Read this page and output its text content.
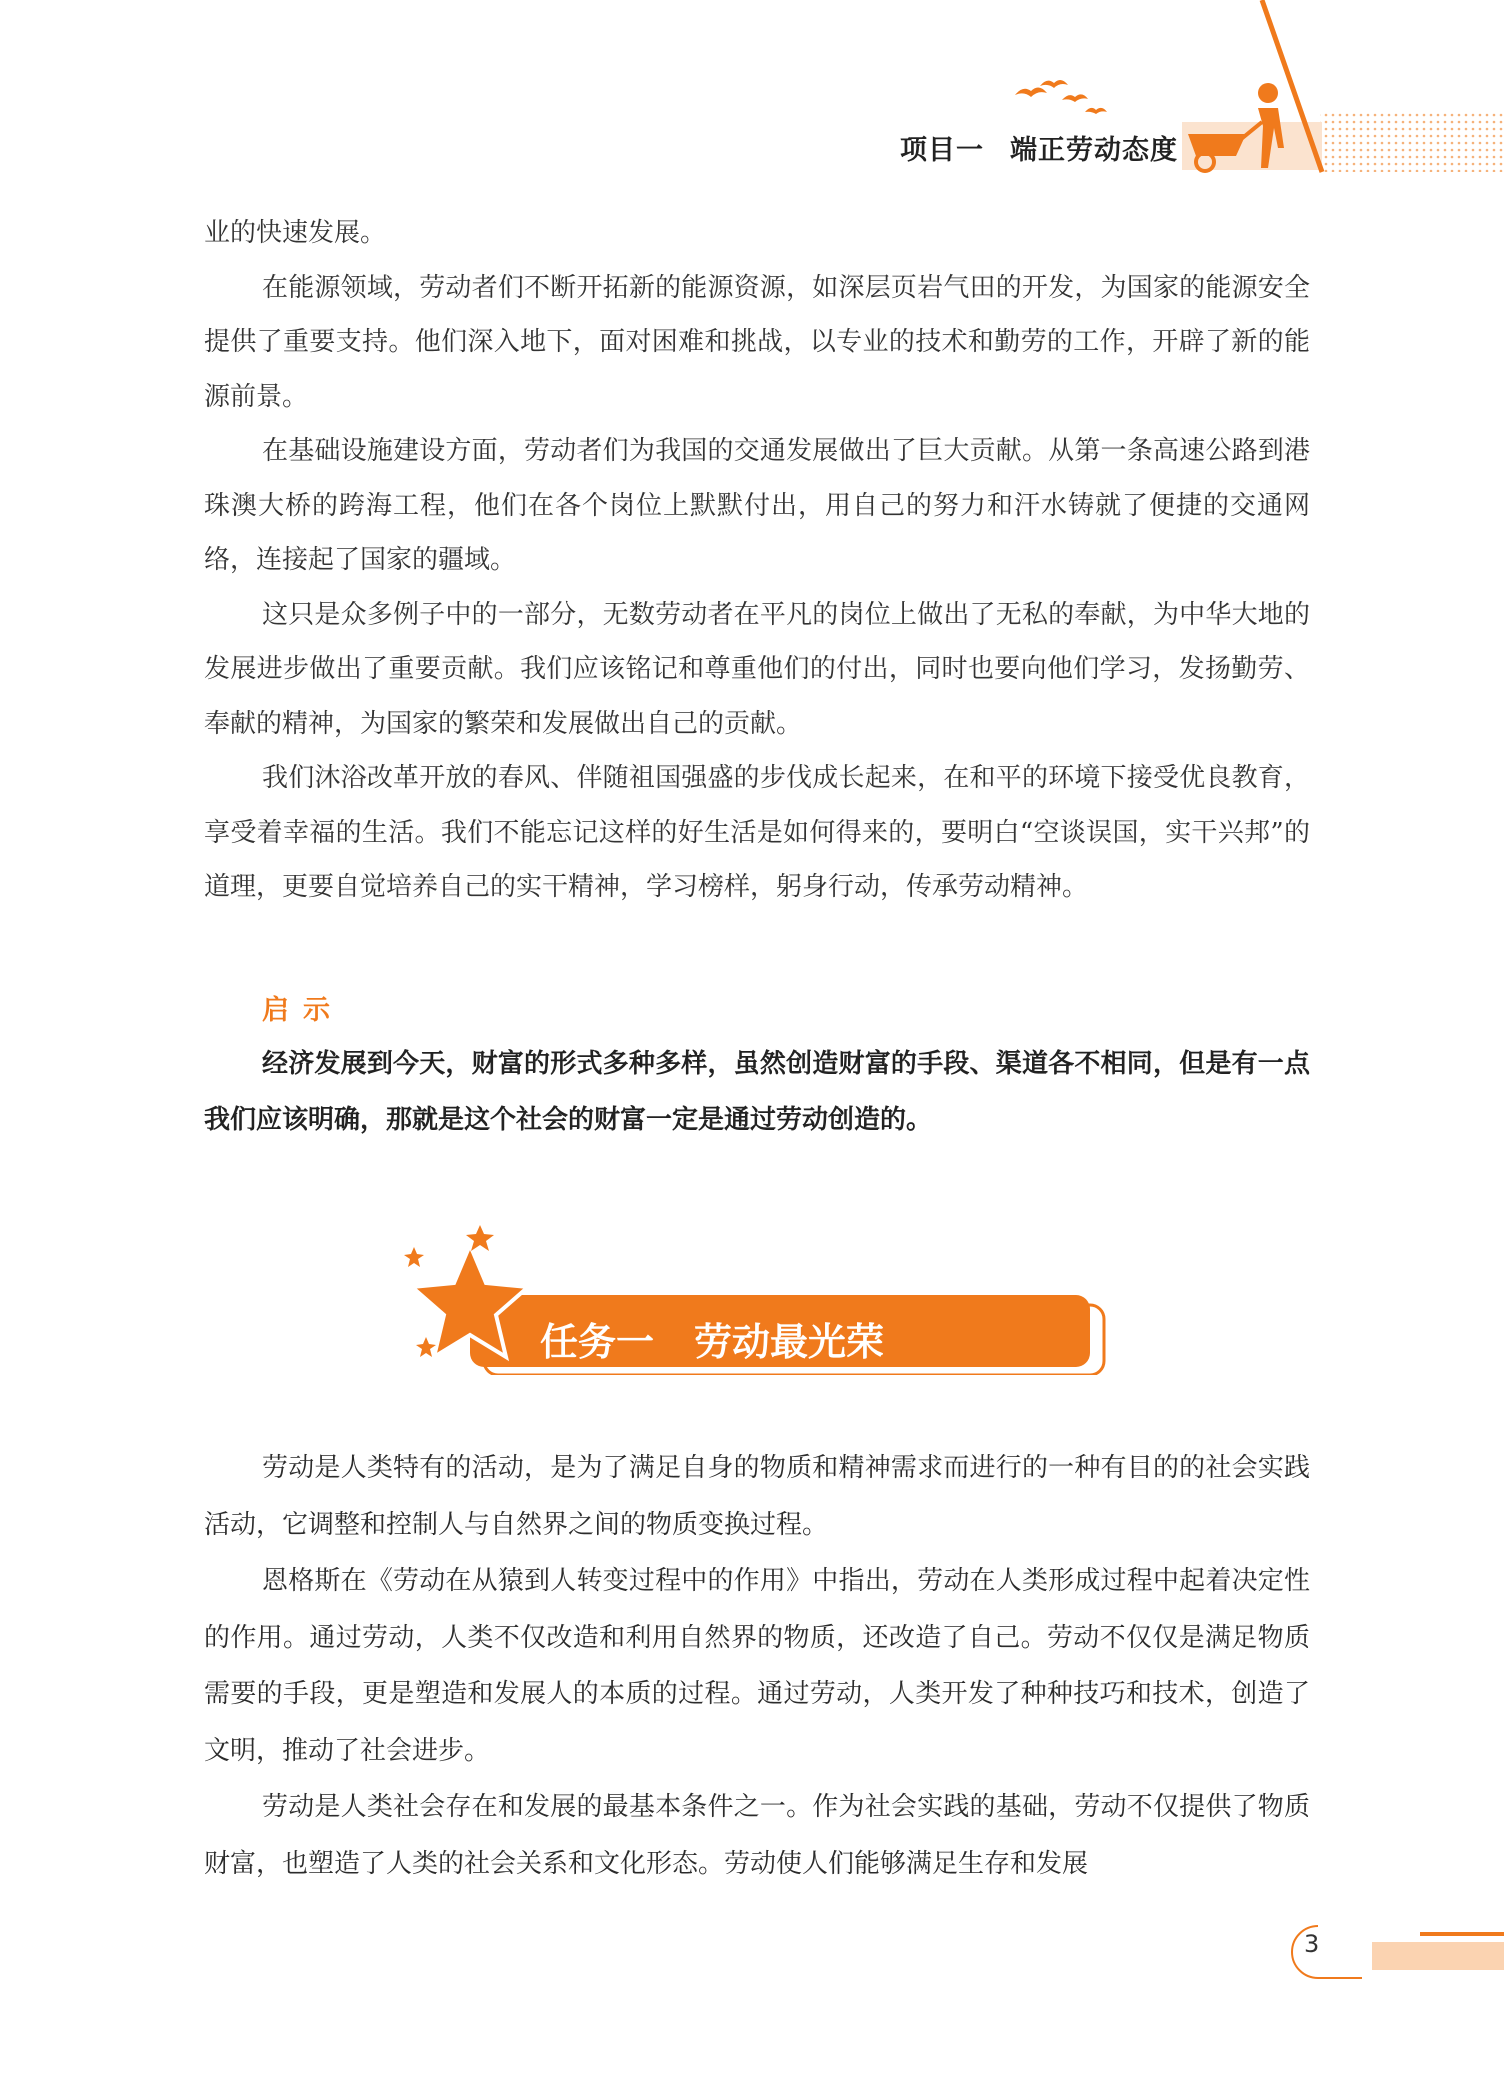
项目一 端正劳动态度

业的快速发展。

在能源领域，劳动者们不断开拓新的能源资源，如深层页岩气田的开发，为国家的能源安全提供了重要支持。他们深入地下，面对困难和挑战，以专业的技术和勤劳的工作，开辟了新的能源前景。

在基础设施建设方面，劳动者们为我国的交通发展做出了巨大贡献。从第一条高速公路到港珠澳大桥的跨海工程，他们在各个岗位上默默付出，用自己的努力和汗水铸就了便捷的交通网络，连接起了国家的疆域。

这只是众多例子中的一部分，无数劳动者在平凡的岗位上做出了无私的奉献，为中华大地的发展进步做出了重要贡献。我们应该铭记和尊重他们的付出，同时也要向他们学习，发扬勤劳、奉献的精神，为国家的繁荣和发展做出自己的贡献。

我们沐浴改革开放的春风、伴随祖国强盛的步伐成长起来，在和平的环境下接受优良教育，享受着幸福的生活。我们不能忘记这样的好生活是如何得来的，要明白“空谈误国，实干兴邦”的道理，更要自觉培养自己的实干精神，学习榜样，躬身行动，传承劳动精神。

启示

经济发展到今天，财富的形式多种多样，虽然创造财富的手段、渠道各不相同，但是有一点我们应该明确，那就是这个社会的财富一定是通过劳动创造的。

任务一 劳动最光荣

劳动是人类特有的活动，是为了满足自身的物质和精神需求而进行的一种有目的的社会实践活动，它调整和控制人与自然界之间的物质变换过程。

恩格斯在《劳动在从猿到人转变过程中的作用》中指出，劳动在人类形成过程中起着决定性的作用。通过劳动，人类不仅改造和利用自然界的物质，还改造了自己。劳动不仅仅是满足物质需要的手段，更是塑造和发展人的本质的过程。通过劳动，人类开发了种种技巧和技术，创造了文明，推动了社会进步。

劳动是人类社会存在和发展的最基本条件之一。作为社会实践的基础，劳动不仅提供了物质财富，也塑造了人类的社会关系和文化形态。劳动使人们能够满足生存和发展

3
